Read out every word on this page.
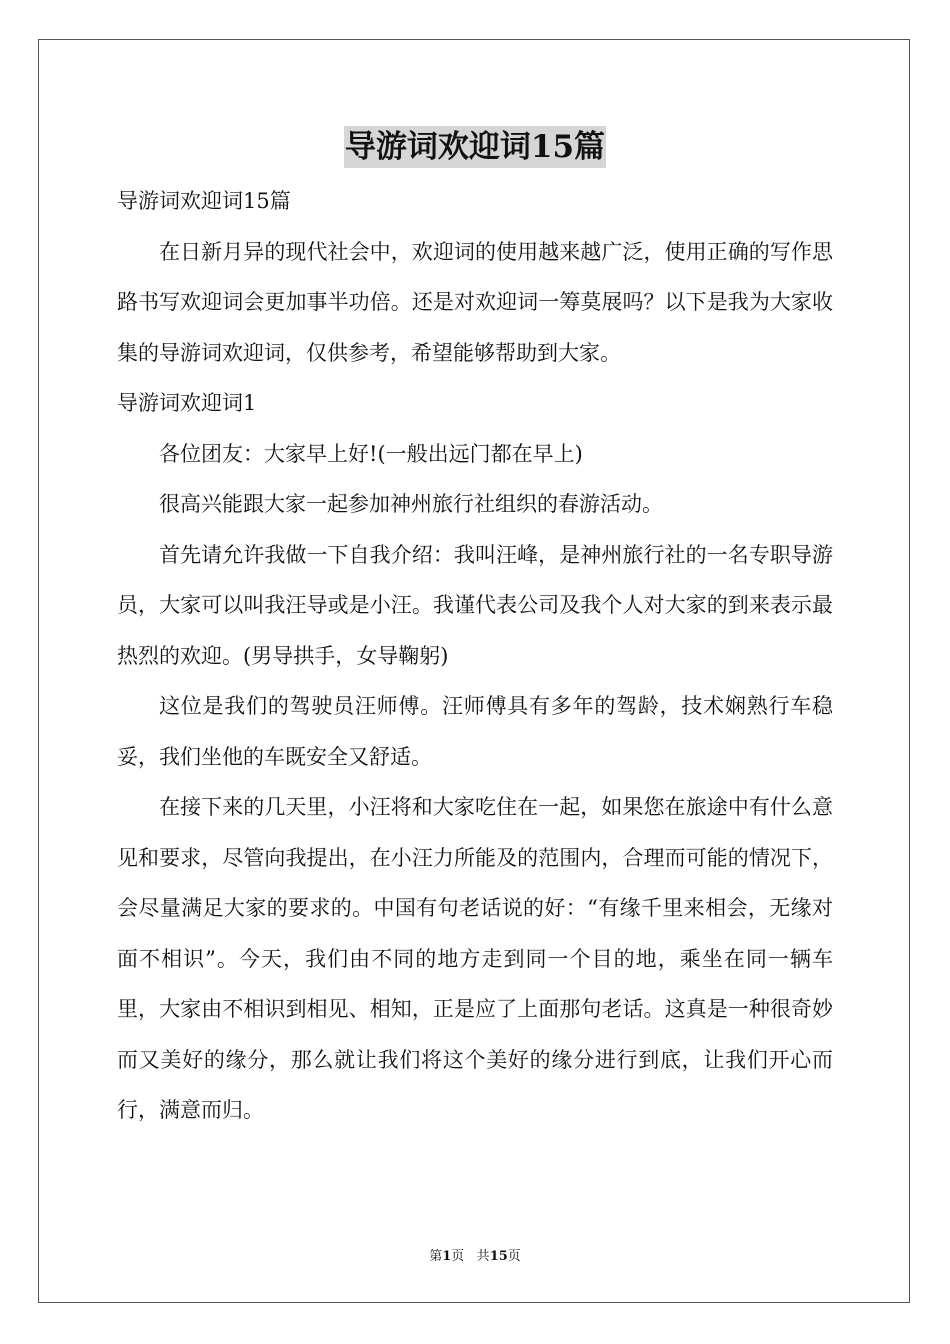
导游词欢迎词15篇

导游词欢迎词15篇

在日新月异的现代社会中，欢迎词的使用越来越广泛，使用正确的写作思路书写欢迎词会更加事半功倍。还是对欢迎词一筹莫展吗？以下是我为大家收集的导游词欢迎词，仅供参考，希望能够帮助到大家。

导游词欢迎词1

各位团友：大家早上好!(一般出远门都在早上)

很高兴能跟大家一起参加神州旅行社组织的春游活动。

首先请允许我做一下自我介绍：我叫汪峰，是神州旅行社的一名专职导游员，大家可以叫我汪导或是小汪。我谨代表公司及我个人对大家的到来表示最热烈的欢迎。(男导拱手，女导鞠躬)

这位是我们的驾驶员汪师傅。汪师傅具有多年的驾龄，技术娴熟行车稳妥，我们坐他的车既安全又舒适。

在接下来的几天里，小汪将和大家吃住在一起，如果您在旅途中有什么意见和要求，尽管向我提出，在小汪力所能及的范围内，合理而可能的情况下，会尽量满足大家的要求的。中国有句老话说的好：“有缘千里来相会，无缘对面不相识”。今天，我们由不同的地方走到同一个目的地，乘坐在同一辆车里，大家由不相识到相见、相知，正是应了上面那句老话。这真是一种很奇妙而又美好的缘分，那么就让我们将这个美好的缘分进行到底，让我们开心而行，满意而归。

第1页 共15页
